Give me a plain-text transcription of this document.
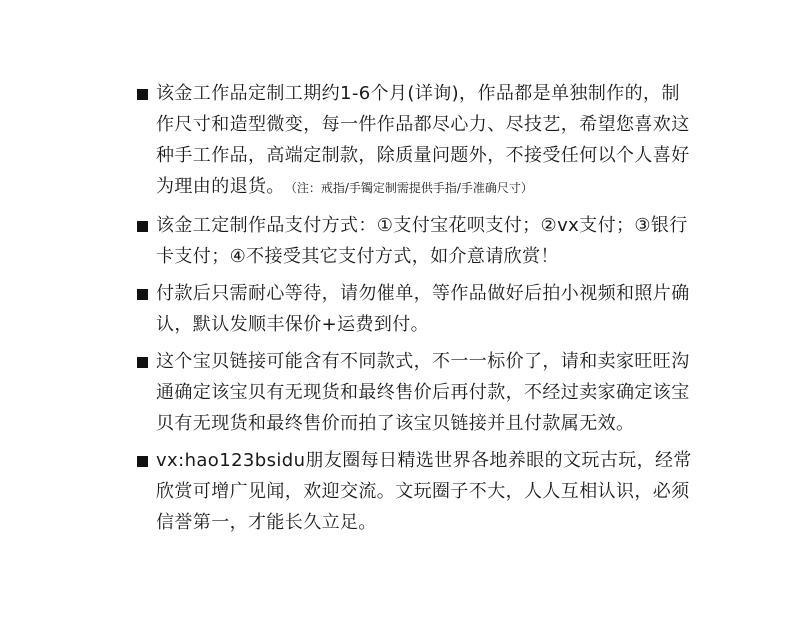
该金工作品定制工期约1-6个月(详询)，作品都是单独制作的，制作尺寸和造型微变，每一件作品都尽心力、尽技艺，希望您喜欢这种手工作品，高端定制款，除质量问题外，不接受任何以个人喜好为理由的退货。 （注：戒指/手镯定制需提供手指/手准确尺寸）
该金工定制作品支付方式：①支付宝花呗支付；②vx支付；③银行卡支付；④不接受其它支付方式，如介意请欣赏！
付款后只需耐心等待，请勿催单，等作品做好后拍小视频和照片确认，默认发顺丰保价+运费到付。
这个宝贝链接可能含有不同款式，不一一标价了，请和卖家旺旺沟通确定该宝贝有无现货和最终售价后再付款，不经过卖家确定该宝贝有无现货和最终售价而拍了该宝贝链接并且付款属无效。
vx:hao123bsidu朋友圈每日精选世界各地养眼的文玩古玩，经常欣赏可增广见闻，欢迎交流。文玩圈子不大，人人互相认识，必须信誉第一，才能长久立足。
